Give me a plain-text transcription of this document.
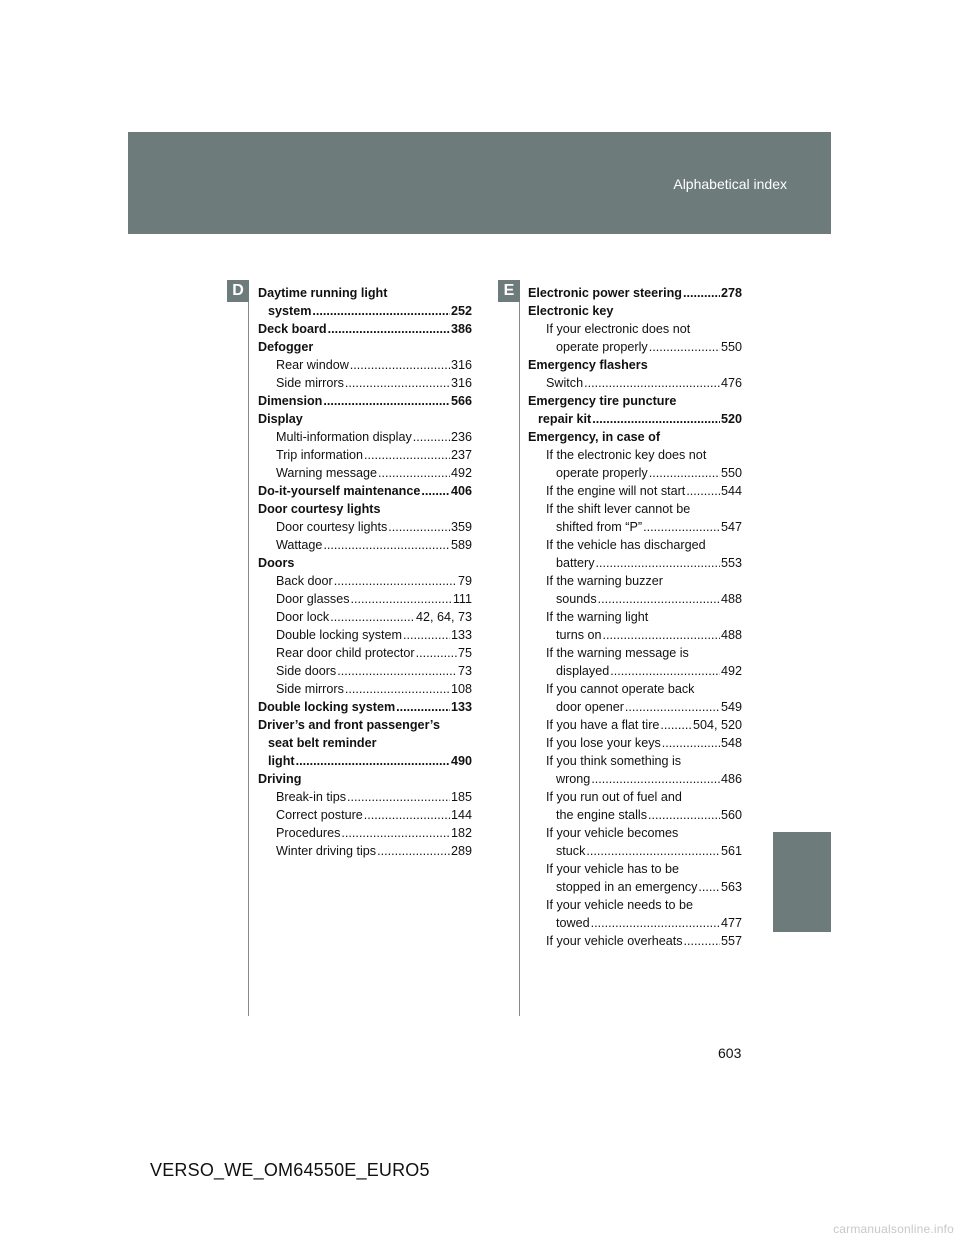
Alphabetical index
D	E
Daytime running light
system .....	252
Deck board .....	386
Defogger
Rear window .....	316
Side mirrors .....	316
Dimension .....	566
Display
Multi-information display .....	236
Trip information .....	237
Warning message .....	492
Do-it-yourself maintenance ..... 406
Door courtesy lights
Door courtesy lights .....	359
Wattage .....	589
Doors
Back door .....	79
Door glasses .....	111
Door lock .....	42, 64, 73
Double locking system .....	133
Rear door child protector .....	75
Side doors .....	73
Side mirrors .....	108
Double locking system .....	133
Driver’s and front passenger’s
seat belt reminder
light .....	490
Driving
Break-in tips .....	185
Correct posture .....	144
Procedures .....	182
Winter driving tips .....	289
Electronic power steering .....	278
Electronic key
If your electronic does not
operate properly .....	550
Emergency flashers
Switch .....	476
Emergency tire puncture
repair kit .....	520
Emergency, in case of
If the electronic key does not
operate properly .....	550
If the engine will not start .....	544
If the shift lever cannot be
shifted from “P” .....	547
If the vehicle has discharged
battery .....	553
If the warning buzzer
sounds .....	488
If the warning light
turns on .....	488
If the warning message is
displayed .....	492
If you cannot operate back
door opener .....	549
If you have a flat tire .....	504, 520
If you lose your keys .....	548
If you think something is
wrong .....	486
If you run out of fuel and
the engine stalls .....	560
If your vehicle becomes
stuck .....	561
If your vehicle has to be
stopped in an emergency ..... 563
If your vehicle needs to be
towed .....	477
If your vehicle overheats .....	557
603
VERSO_WE_OM64550E_EURO5
carmanualsonline.info
